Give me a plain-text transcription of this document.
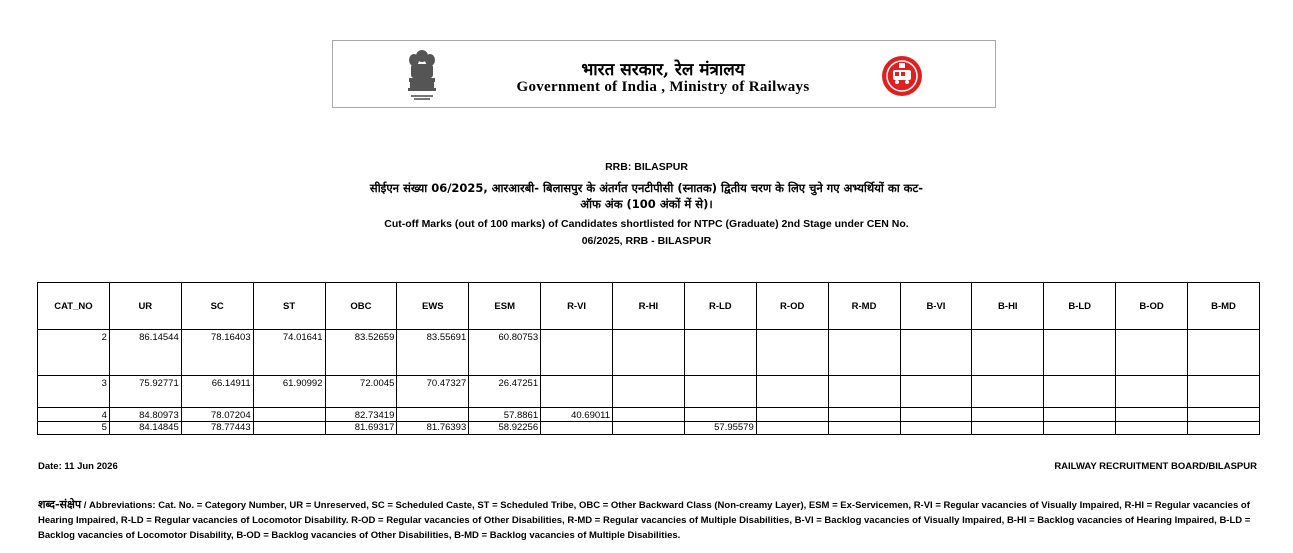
भारत सरकार, रेल मंत्रालय
Government of India , Ministry of Railways
RRB: BILASPUR
सीईएन संख्या 06/2025, आरआरबी- बिलासपुर के अंतर्गत एनटीपीसी (स्नातक) द्वितीय चरण के लिए चुने गए अभ्यर्थियों का कट-ऑफ अंक (100 अंकों में से)।
Cut-off Marks (out of 100 marks) of Candidates shortlisted for NTPC (Graduate) 2nd Stage under CEN No.
06/2025, RRB - BILASPUR
CAT_NO	UR	SC	ST	OBC	EWS	ESM	R-VI	R-HI	R-LD	R-OD	R-MD	B-VI	B-HI	B-LD	B-OD	B-MD
2	86.14544	78.16403	74.01641	83.52659	83.55691	60.80753										
3	75.92771	66.14911	61.90992	72.0045	70.47327	26.47251										
4	84.80973	78.07204		82.73419		57.8861	40.69011									
5	84.14845	78.77443		81.69317	81.76393	58.92256			57.95579							
Date: 11 Jun 2026	RAILWAY RECRUITMENT BOARD/BILASPUR
शब्द-संक्षेप / Abbreviations: Cat. No. = Category Number, UR = Unreserved, SC = Scheduled Caste, ST = Scheduled Tribe, OBC = Other Backward Class (Non-creamy Layer), ESM = Ex-Servicemen, R-VI = Regular vacancies of Visually Impaired, R-HI = Regular vacancies of Hearing Impaired, R-LD = Regular vacancies of Locomotor Disability. R-OD = Regular vacancies of Other Disabilities, R-MD = Regular vacancies of Multiple Disabilities, B-VI = Backlog vacancies of Visually Impaired, B-HI = Backlog vacancies of Hearing Impaired, B-LD = Backlog vacancies of Locomotor Disability, B-OD = Backlog vacancies of Other Disabilities, B-MD = Backlog vacancies of Multiple Disabilities.
